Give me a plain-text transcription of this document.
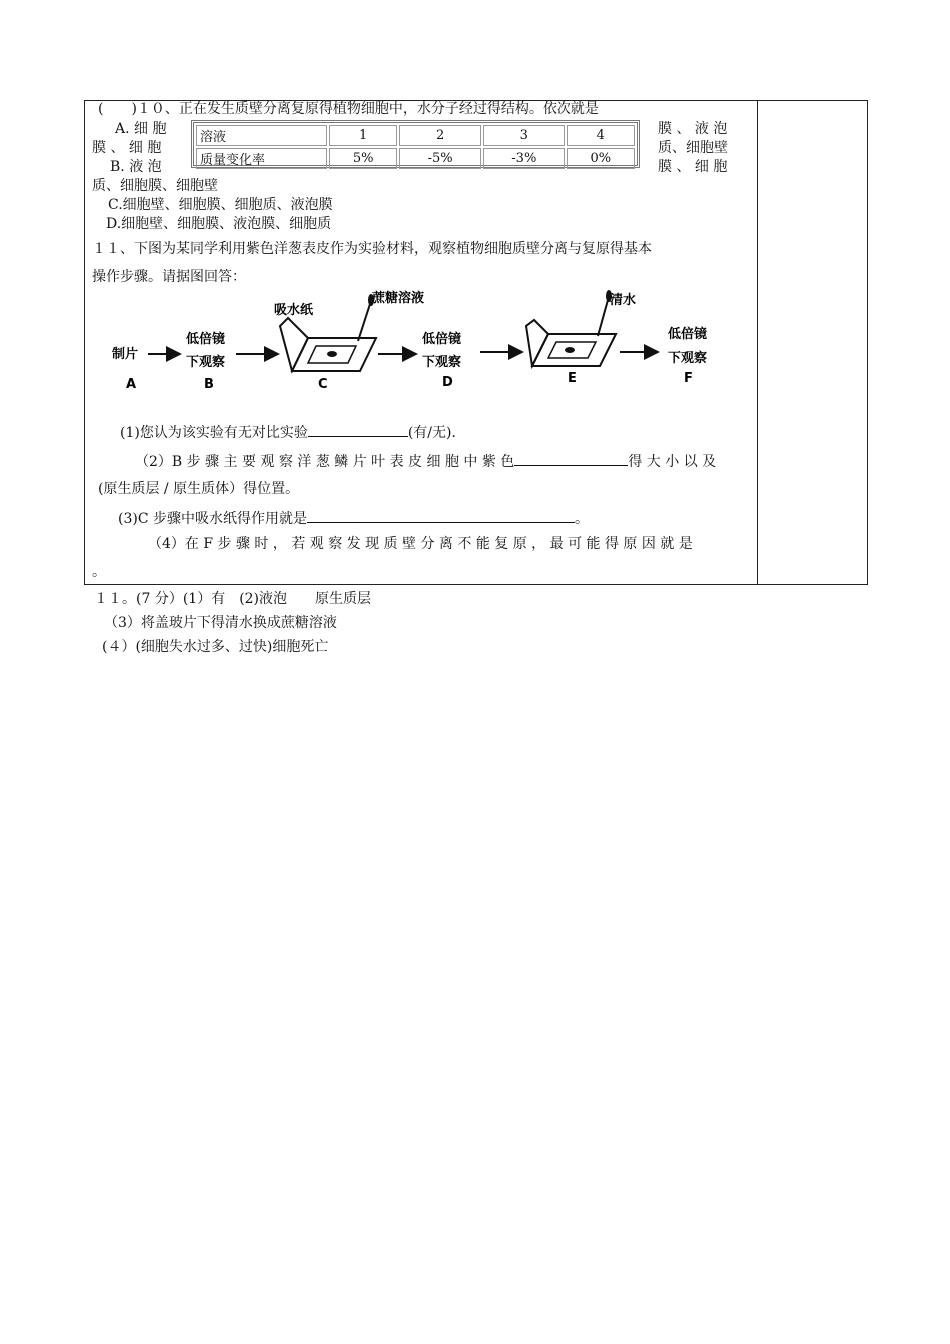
(　　)１０、正在发生质壁分离复原得植物细胞中，水分子经过得结构。依次就是
A. 细 胞	膜 、 液 泡
膜 、 细 胞	质、细胞壁
B. 液 泡	膜 、 细 胞
质、细胞膜、细胞壁
C.细胞壁、细胞膜、细胞质、液泡膜
D.细胞壁、细胞膜、液泡膜、细胞质
溶液	1	2	3	4
质量变化率	5%	-5%	-3%	0%
１１、下图为某同学利用紫色洋葱表皮作为实验材料，观察植物细胞质壁分离与复原得基本
操作步骤。请据图回答：
制片
A
低倍镜
下观察
B
吸水纸
蔗糖溶液
C
低倍镜
下观察
D
清水
E
低倍镜
下观察
F
(1)您认为该实验有无对比实验	(有/无)．
（2）B 步 骤 主 要 观 察 洋 葱 鳞 片 叶 表 皮 细 胞 中 紫 色	得 大 小 以 及
(原生质层 / 原生质体）得位置。
(3)C 步骤中吸水纸得作用就是	。
（4）在 F 步 骤 时 ， 若 观 察 发 现 质 壁 分 离 不 能 复 原 ， 最 可 能 得 原 因 就 是
。
１１。(7 分）(1）有　(2)液泡　　原生质层
（3）将盖玻片下得清水换成蔗糖溶液
(４）(细胞失水过多、过快)细胞死亡
